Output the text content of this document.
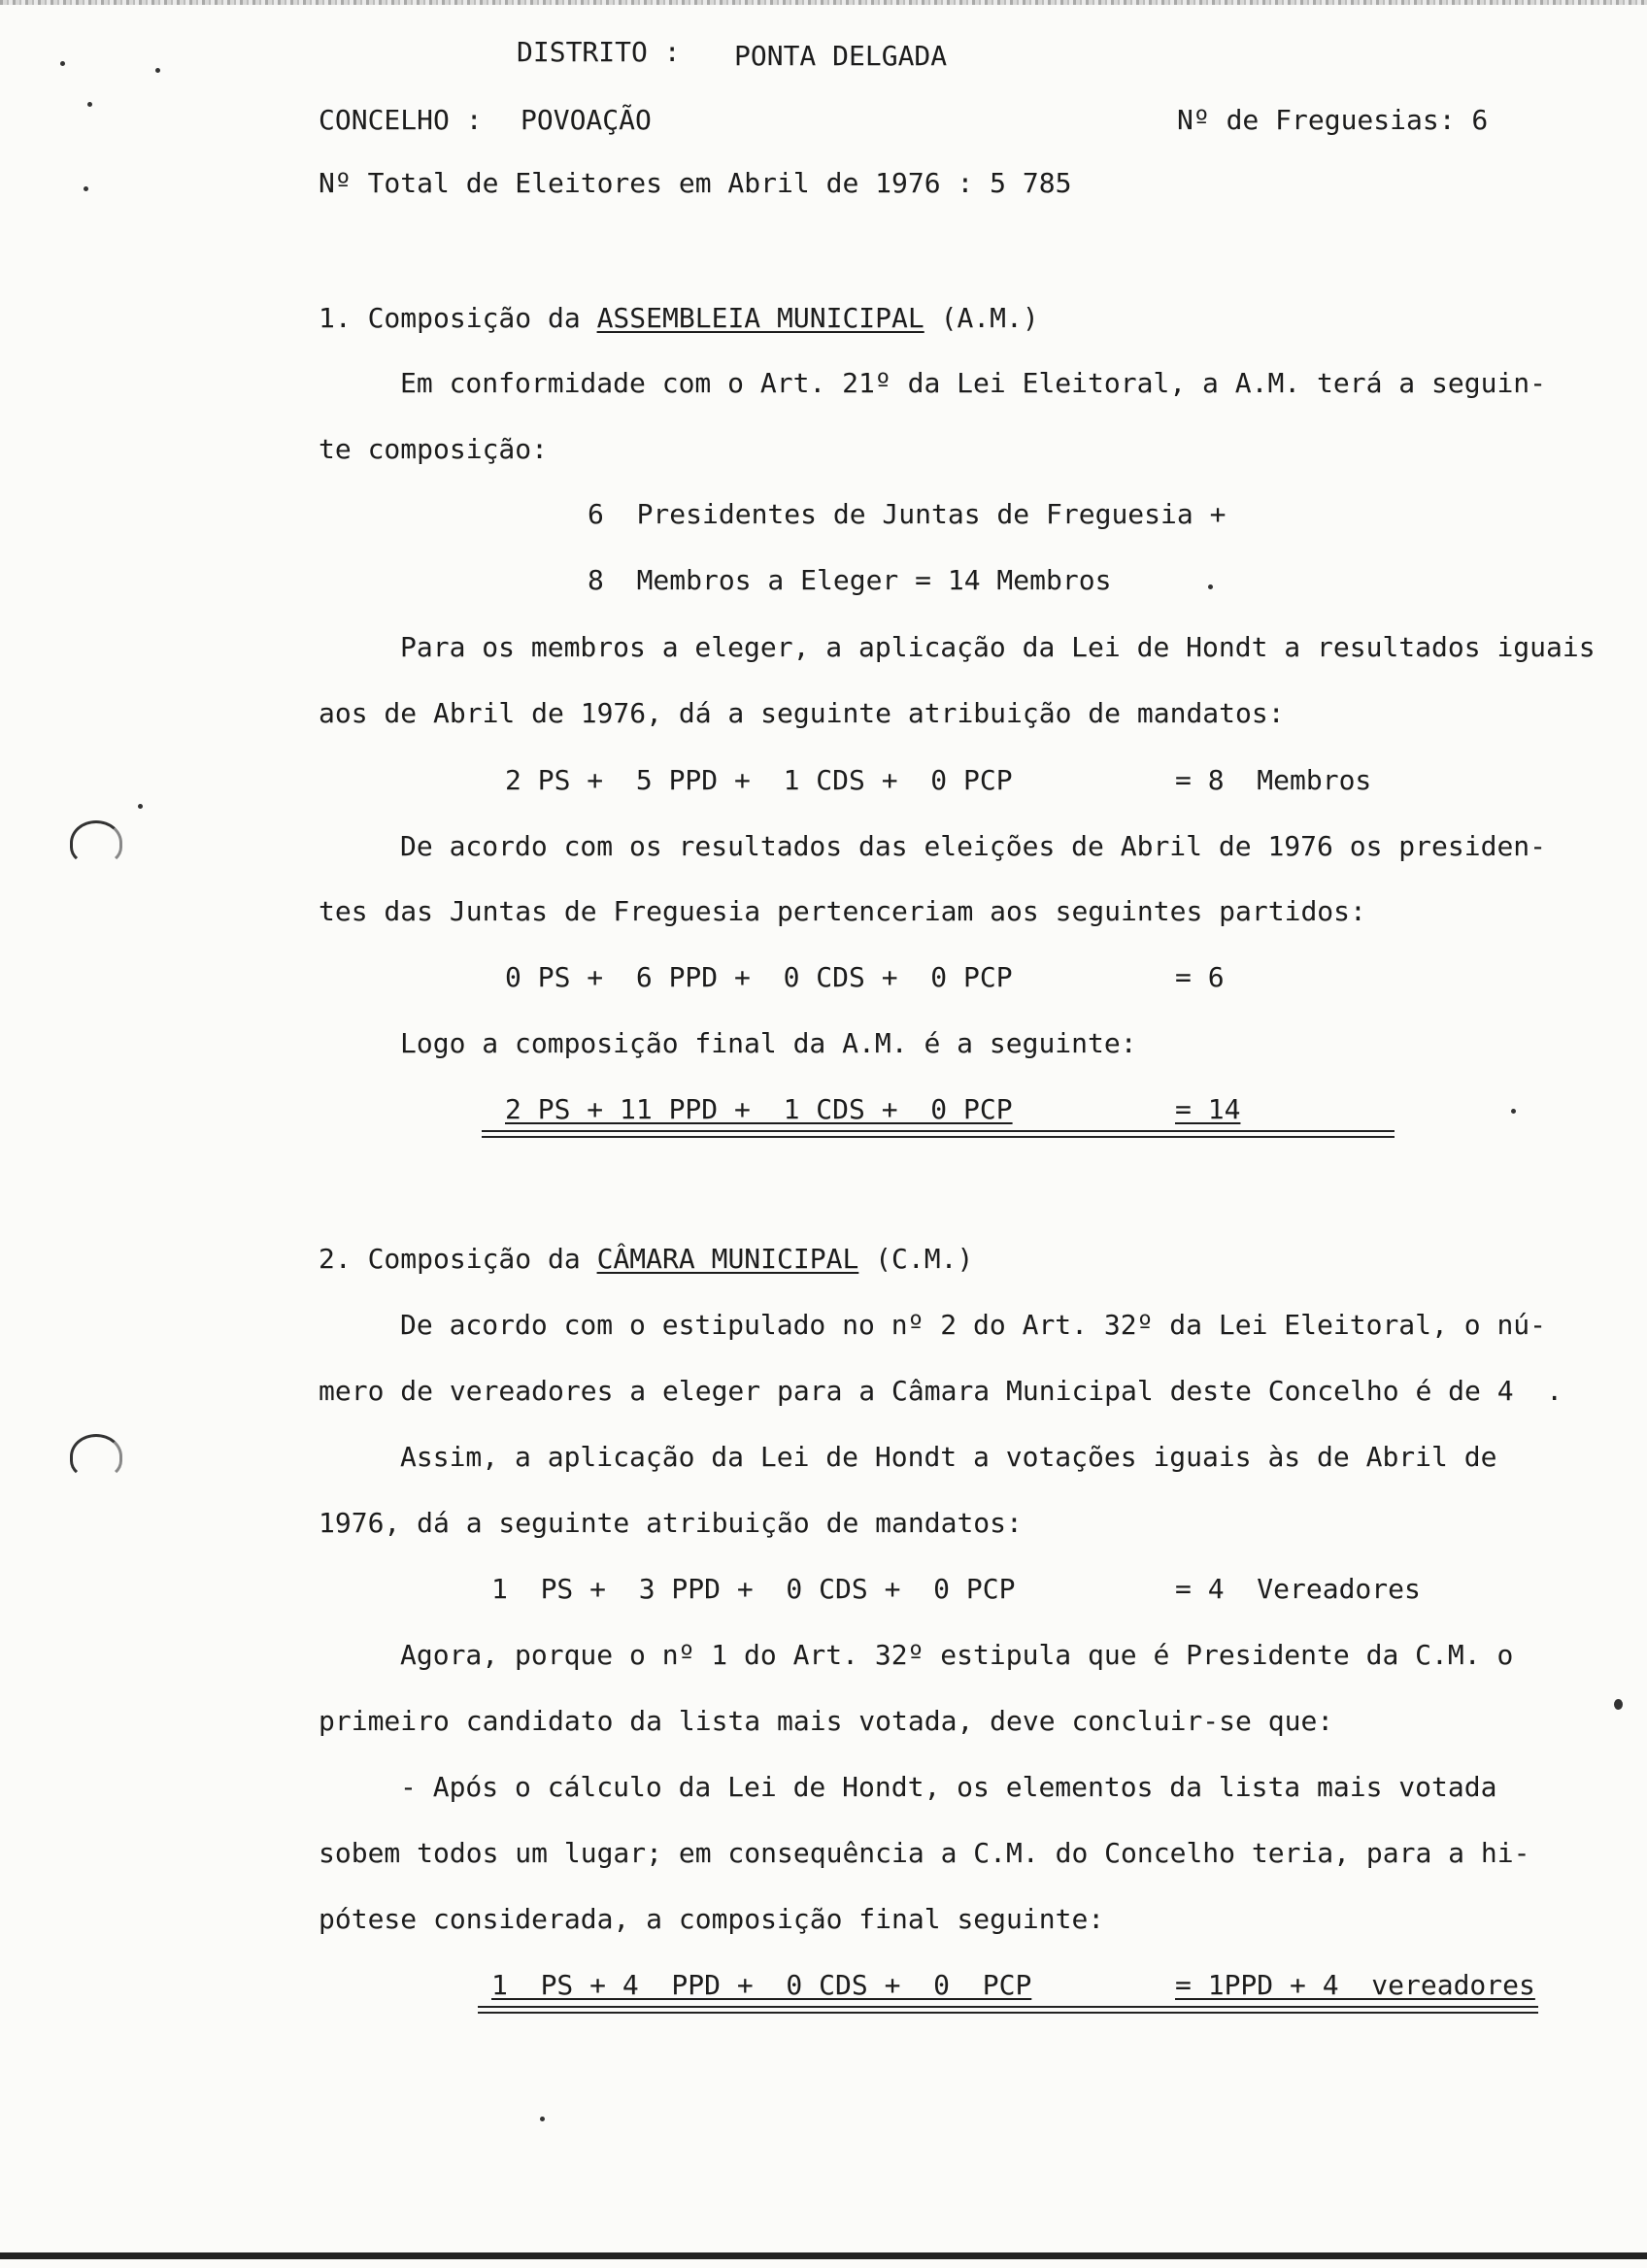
DISTRITO : PONTA DELGADA
CONCELHO : POVOAÇÃO	Nº de Freguesias: 6
Nº Total de Eleitores em Abril de 1976 : 5 785
1. Composição da ASSEMBLEIA MUNICIPAL (A.M.)
Em conformidade com o Art. 21º da Lei Eleitoral, a A.M. terá a seguin-
te composição:
6  Presidentes de Juntas de Freguesia +
8  Membros a Eleger = 14 Membros
Para os membros a eleger, a aplicação da Lei de Hondt a resultados iguais
aos de Abril de 1976, dá a seguinte atribuição de mandatos:
2 PS +  5 PPD +  1 CDS +  0 PCP	= 8  Membros
De acordo com os resultados das eleições de Abril de 1976 os presiden-
tes das Juntas de Freguesia pertenceriam aos seguintes partidos:
0 PS +  6 PPD +  0 CDS +  0 PCP	= 6
Logo a composição final da A.M. é a seguinte:
2 PS + 11 PPD +  1 CDS +  0 PCP	= 14
2. Composição da CÂMARA MUNICIPAL (C.M.)
De acordo com o estipulado no nº 2 do Art. 32º da Lei Eleitoral, o nú-
mero de vereadores a eleger para a Câmara Municipal deste Concelho é de 4  .
Assim, a aplicação da Lei de Hondt a votações iguais às de Abril de
1976, dá a seguinte atribuição de mandatos:
1  PS +  3 PPD +  0 CDS +  0 PCP	= 4  Vereadores
Agora, porque o nº 1 do Art. 32º estipula que é Presidente da C.M. o
primeiro candidato da lista mais votada, deve concluir-se que:
- Após o cálculo da Lei de Hondt, os elementos da lista mais votada
sobem todos um lugar; em consequência a C.M. do Concelho teria, para a hi-
pótese considerada, a composição final seguinte:
1  PS + 4  PPD +  0 CDS +  0  PCP	= 1PPD + 4  vereadores
